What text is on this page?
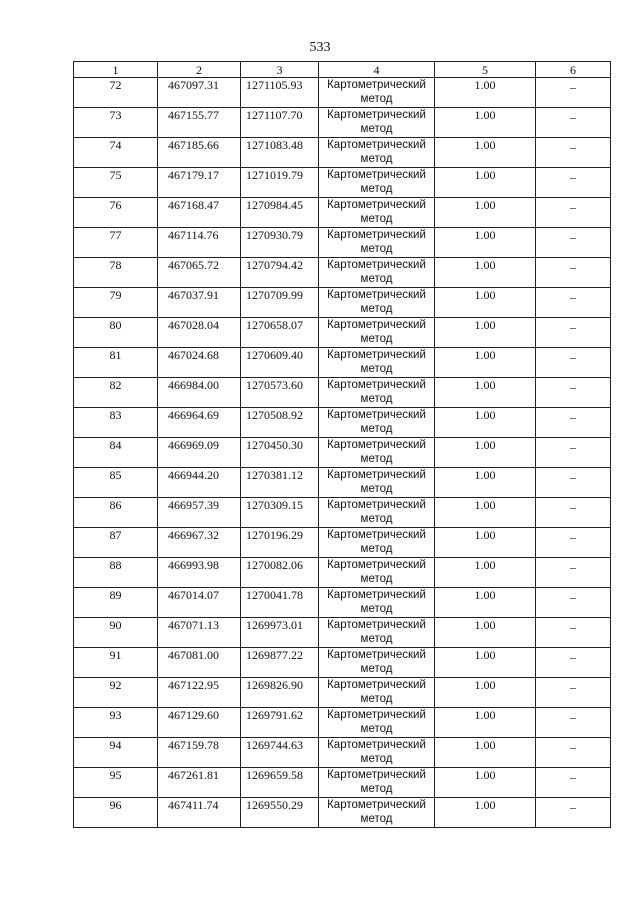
533
1	2	3	4	5	6
72	467097.31	1271105.93	Картометрический метод	1.00	–
73	467155.77	1271107.70	Картометрический метод	1.00	–
74	467185.66	1271083.48	Картометрический метод	1.00	–
75	467179.17	1271019.79	Картометрический метод	1.00	–
76	467168.47	1270984.45	Картометрический метод	1.00	–
77	467114.76	1270930.79	Картометрический метод	1.00	–
78	467065.72	1270794.42	Картометрический метод	1.00	–
79	467037.91	1270709.99	Картометрический метод	1.00	–
80	467028.04	1270658.07	Картометрический метод	1.00	–
81	467024.68	1270609.40	Картометрический метод	1.00	–
82	466984.00	1270573.60	Картометрический метод	1.00	–
83	466964.69	1270508.92	Картометрический метод	1.00	–
84	466969.09	1270450.30	Картометрический метод	1.00	–
85	466944.20	1270381.12	Картометрический метод	1.00	–
86	466957.39	1270309.15	Картометрический метод	1.00	–
87	466967.32	1270196.29	Картометрический метод	1.00	–
88	466993.98	1270082.06	Картометрический метод	1.00	–
89	467014.07	1270041.78	Картометрический метод	1.00	–
90	467071.13	1269973.01	Картометрический метод	1.00	–
91	467081.00	1269877.22	Картометрический метод	1.00	–
92	467122.95	1269826.90	Картометрический метод	1.00	–
93	467129.60	1269791.62	Картометрический метод	1.00	–
94	467159.78	1269744.63	Картометрический метод	1.00	–
95	467261.81	1269659.58	Картометрический метод	1.00	–
96	467411.74	1269550.29	Картометрический метод	1.00	–
